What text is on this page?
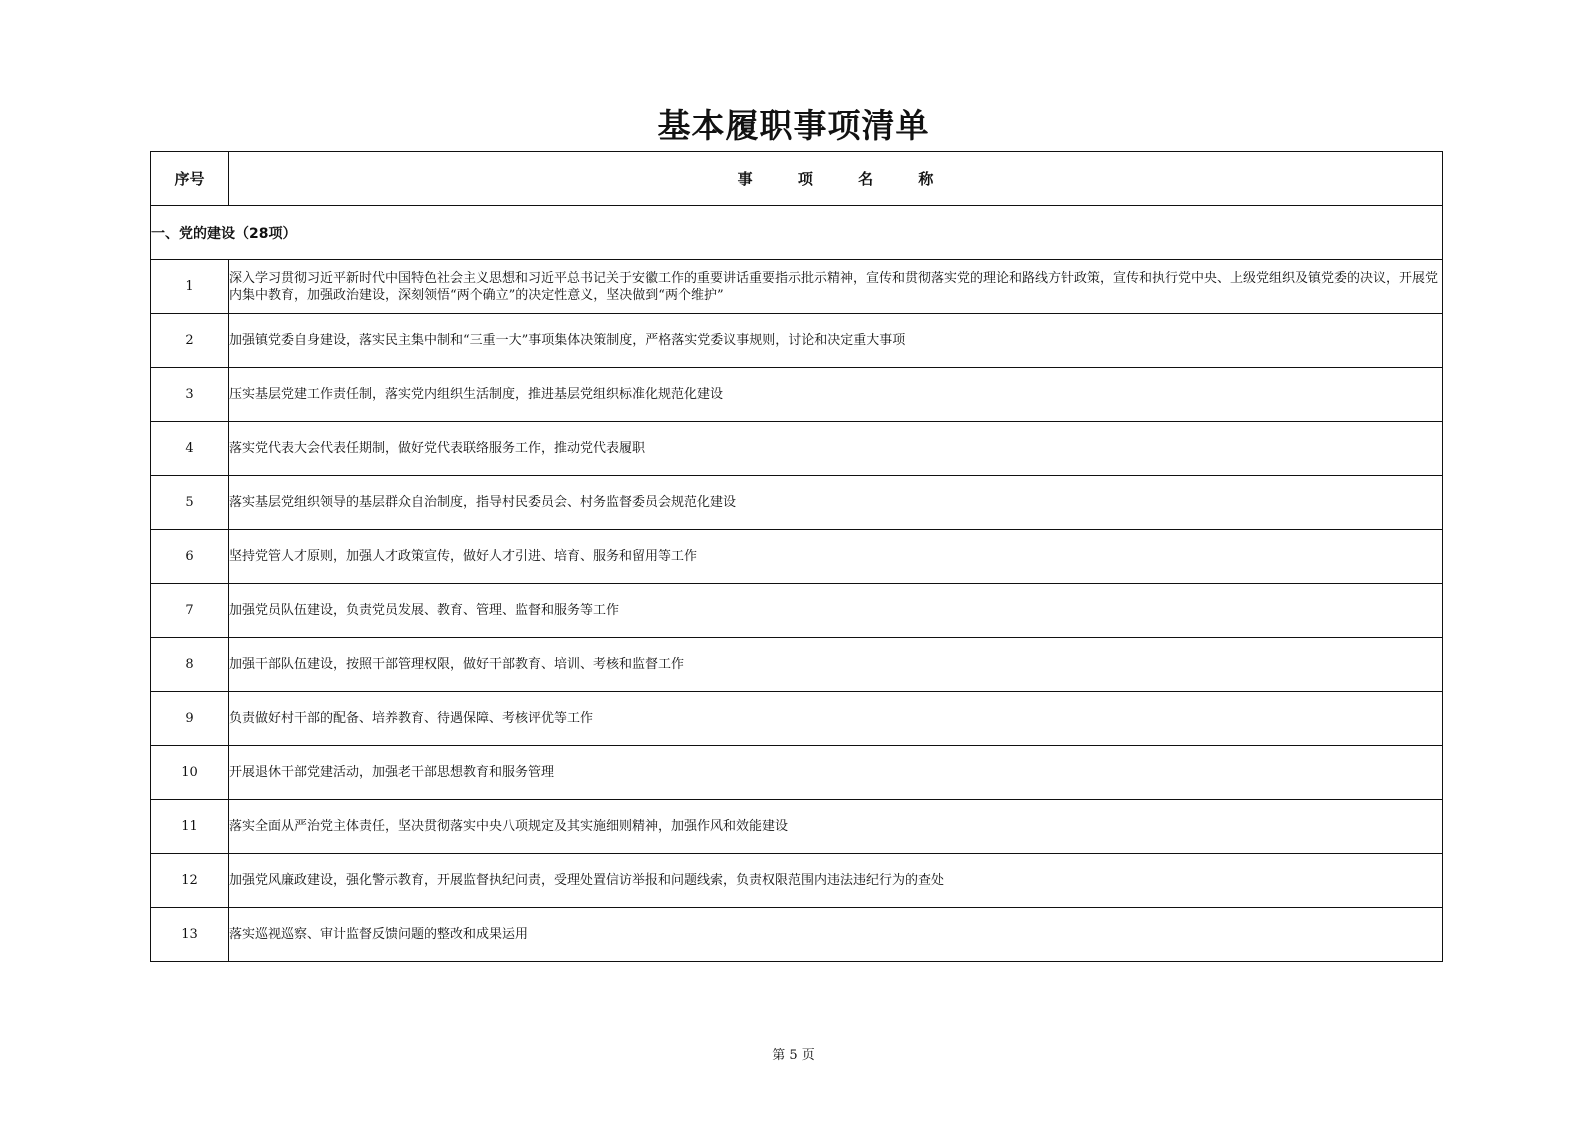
基本履职事项清单
序号	事 项 名 称
一、党的建设（28项）	
1	深入学习贯彻习近平新时代中国特色社会主义思想和习近平总书记关于安徽工作的重要讲话重要指示批示精神，宣传和贯彻落实党的理论和路线方针政策，宣传和执行党中央、上级党组织及镇党委的决议，开展党内集中教育，加强政治建设，深刻领悟“两个确立”的决定性意义，坚决做到“两个维护”
2	加强镇党委自身建设，落实民主集中制和“三重一大”事项集体决策制度，严格落实党委议事规则，讨论和决定重大事项
3	压实基层党建工作责任制，落实党内组织生活制度，推进基层党组织标准化规范化建设
4	落实党代表大会代表任期制，做好党代表联络服务工作，推动党代表履职
5	落实基层党组织领导的基层群众自治制度，指导村民委员会、村务监督委员会规范化建设
6	坚持党管人才原则，加强人才政策宣传，做好人才引进、培育、服务和留用等工作
7	加强党员队伍建设，负责党员发展、教育、管理、监督和服务等工作
8	加强干部队伍建设，按照干部管理权限，做好干部教育、培训、考核和监督工作
9	负责做好村干部的配备、培养教育、待遇保障、考核评优等工作
10	开展退休干部党建活动，加强老干部思想教育和服务管理
11	落实全面从严治党主体责任，坚决贯彻落实中央八项规定及其实施细则精神，加强作风和效能建设
12	加强党风廉政建设，强化警示教育，开展监督执纪问责，受理处置信访举报和问题线索，负责权限范围内违法违纪行为的查处
13	落实巡视巡察、审计监督反馈问题的整改和成果运用
第 5 页
